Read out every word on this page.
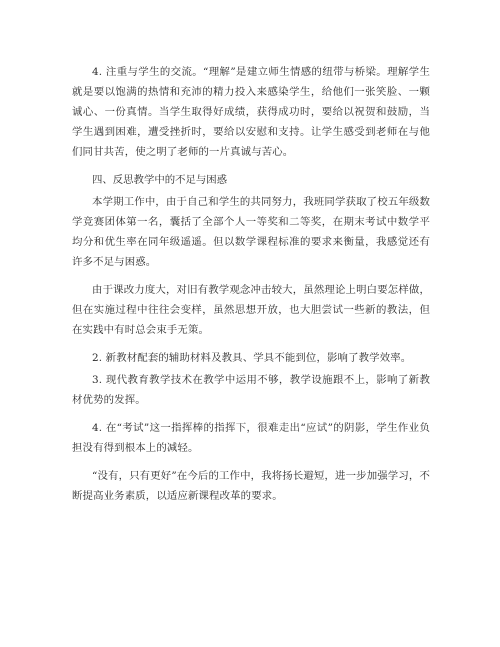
4. 注重与学生的交流。“理解”是建立师生情感的纽带与桥梁。理解学生就是要以饱满的热情和充沛的精力投入来感染学生，给他们一张笑脸、一颗诚心、一份真情。当学生取得好成绩，获得成功时，要给以祝贺和鼓励，当学生遇到困难，遭受挫折时，要给以安慰和支持。让学生感受到老师在与他们同甘共苦，使之明了老师的一片真诚与苦心。

四、反思教学中的不足与困惑

本学期工作中，由于自己和学生的共同努力，我班同学获取了校五年级数学竞赛团体第一名，囊括了全部个人一等奖和二等奖，在期末考试中数学平均分和优生率在同年级遥遥。但以数学课程标准的要求来衡量，我感觉还有许多不足与困惑。

由于课改力度大，对旧有教学观念冲击较大，虽然理论上明白要怎样做，但在实施过程中往往会变样，虽然思想开放，也大胆尝试一些新的教法，但在实践中有时总会束手无策。

2. 新教材配套的辅助材料及教具、学具不能到位，影响了教学效率。

3. 现代教育教学技术在教学中运用不够，教学设施跟不上，影响了新教材优势的发挥。

4. 在“考试”这一指挥棒的指挥下，很难走出“应试”的阴影，学生作业负担没有得到根本上的减轻。

“没有，只有更好”在今后的工作中，我将扬长避短，进一步加强学习，不断提高业务素质，以适应新课程改革的要求。
